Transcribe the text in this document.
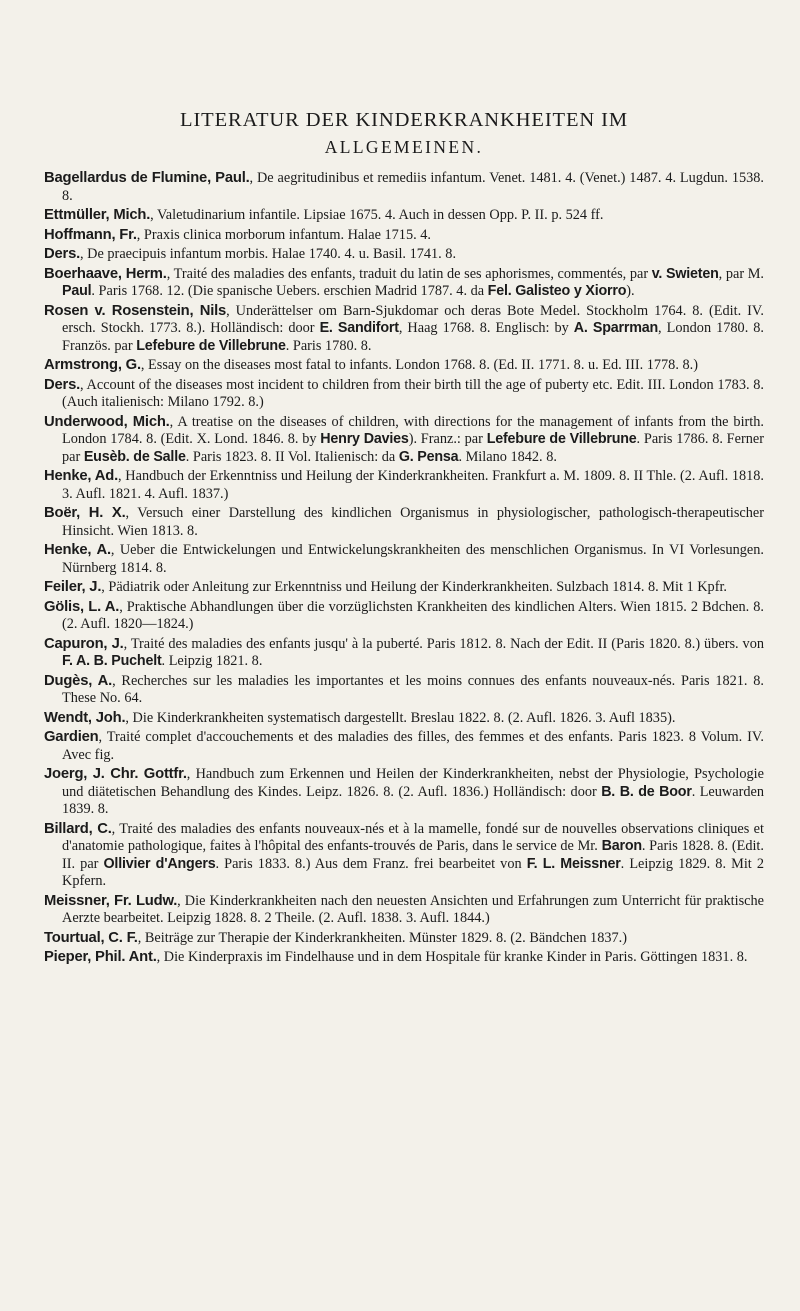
LITERATUR DER KINDERKRANKHEITEN IM
ALLGEMEINEN.

Bagellardus de Flumine, Paul., De aegritudinibus et remediis infantum. Venet. 1481. 4. (Venet.) 1487. 4. Lugdun. 1538. 8.

Ettmüller, Mich., Valetudinarium infantile. Lipsiae 1675. 4. Auch in dessen Opp. P. II. p. 524 ff.

Hoffmann, Fr., Praxis clinica morborum infantum. Halae 1715. 4.

Ders., De praecipuis infantum morbis. Halae 1740. 4. u. Basil. 1741. 8.

Boerhaave, Herm., Traité des maladies des enfants, traduit du latin de ses aphorismes, commentés, par v. Swieten, par M. Paul. Paris 1768. 12. (Die spanische Uebers. erschien Madrid 1787. 4. da Fel. Galisteo y Xiorro).

Rosen v. Rosenstein, Nils, Underättelser om Barn-Sjukdomar och deras Bote Medel. Stockholm 1764. 8. (Edit. IV. ersch. Stockh. 1773. 8.). Holländisch: door E. Sandifort, Haag 1768. 8. Englisch: by A. Sparrman, London 1780. 8. Französ. par Lefebure de Villebrune. Paris 1780. 8.

Armstrong, G., Essay on the diseases most fatal to infants. London 1768. 8. (Ed. II. 1771. 8. u. Ed. III. 1778. 8.)

Ders., Account of the diseases most incident to children from their birth till the age of puberty etc. Edit. III. London 1783. 8. (Auch italienisch: Milano 1792. 8.)

Underwood, Mich., A treatise on the diseases of children, with directions for the management of infants from the birth. London 1784. 8. (Edit. X. Lond. 1846. 8. by Henry Davies). Franz.: par Lefebure de Villebrune. Paris 1786. 8. Ferner par Eusèb. de Salle. Paris 1823. 8. II Vol. Italienisch: da G. Pensa. Milano 1842. 8.

Henke, Ad., Handbuch der Erkenntniss und Heilung der Kinderkrankheiten. Frankfurt a. M. 1809. 8. II Thle. (2. Aufl. 1818. 3. Aufl. 1821. 4. Aufl. 1837.)

Boër, H. X., Versuch einer Darstellung des kindlichen Organismus in physiologischer, pathologisch-therapeutischer Hinsicht. Wien 1813. 8.

Henke, A., Ueber die Entwickelungen und Entwickelungskrankheiten des menschlichen Organismus. In VI Vorlesungen. Nürnberg 1814. 8.

Feiler, J., Pädiatrik oder Anleitung zur Erkenntniss und Heilung der Kinderkrankheiten. Sulzbach 1814. 8. Mit 1 Kpfr.

Gölis, L. A., Praktische Abhandlungen über die vorzüglichsten Krankheiten des kindlichen Alters. Wien 1815. 2 Bdchen. 8. (2. Aufl. 1820—1824.)

Capuron, J., Traité des maladies des enfants jusqu' à la puberté. Paris 1812. 8. Nach der Edit. II (Paris 1820. 8.) übers. von F. A. B. Puchelt. Leipzig 1821. 8.

Dugès, A., Recherches sur les maladies les importantes et les moins connues des enfants nouveaux-nés. Paris 1821. 8. These No. 64.

Wendt, Joh., Die Kinderkrankheiten systematisch dargestellt. Breslau 1822. 8. (2. Aufl. 1826. 3. Aufl 1835).

Gardien, Traité complet d'accouchements et des maladies des filles, des femmes et des enfants. Paris 1823. 8 Volum. IV. Avec fig.

Joerg, J. Chr. Gottfr., Handbuch zum Erkennen und Heilen der Kinderkrankheiten, nebst der Physiologie, Psychologie und diätetischen Behandlung des Kindes. Leipz. 1826. 8. (2. Aufl. 1836.) Holländisch: door B. B. de Boor. Leuwarden 1839. 8.

Billard, C., Traité des maladies des enfants nouveaux-nés et à la mamelle, fondé sur de nouvelles observations cliniques et d'anatomie pathologique, faites à l'hôpital des enfants-trouvés de Paris, dans le service de Mr. Baron. Paris 1828. 8. (Edit. II. par Ollivier d'Angers. Paris 1833. 8.) Aus dem Franz. frei bearbeitet von F. L. Meissner. Leipzig 1829. 8. Mit 2 Kpfern.

Meissner, Fr. Ludw., Die Kinderkrankheiten nach den neuesten Ansichten und Erfahrungen zum Unterricht für praktische Aerzte bearbeitet. Leipzig 1828. 8. 2 Theile. (2. Aufl. 1838. 3. Aufl. 1844.)

Tourtual, C. F., Beiträge zur Therapie der Kinderkrankheiten. Münster 1829. 8. (2. Bändchen 1837.)

Pieper, Phil. Ant., Die Kinderpraxis im Findelhause und in dem Hospitale für kranke Kinder in Paris. Göttingen 1831. 8.
